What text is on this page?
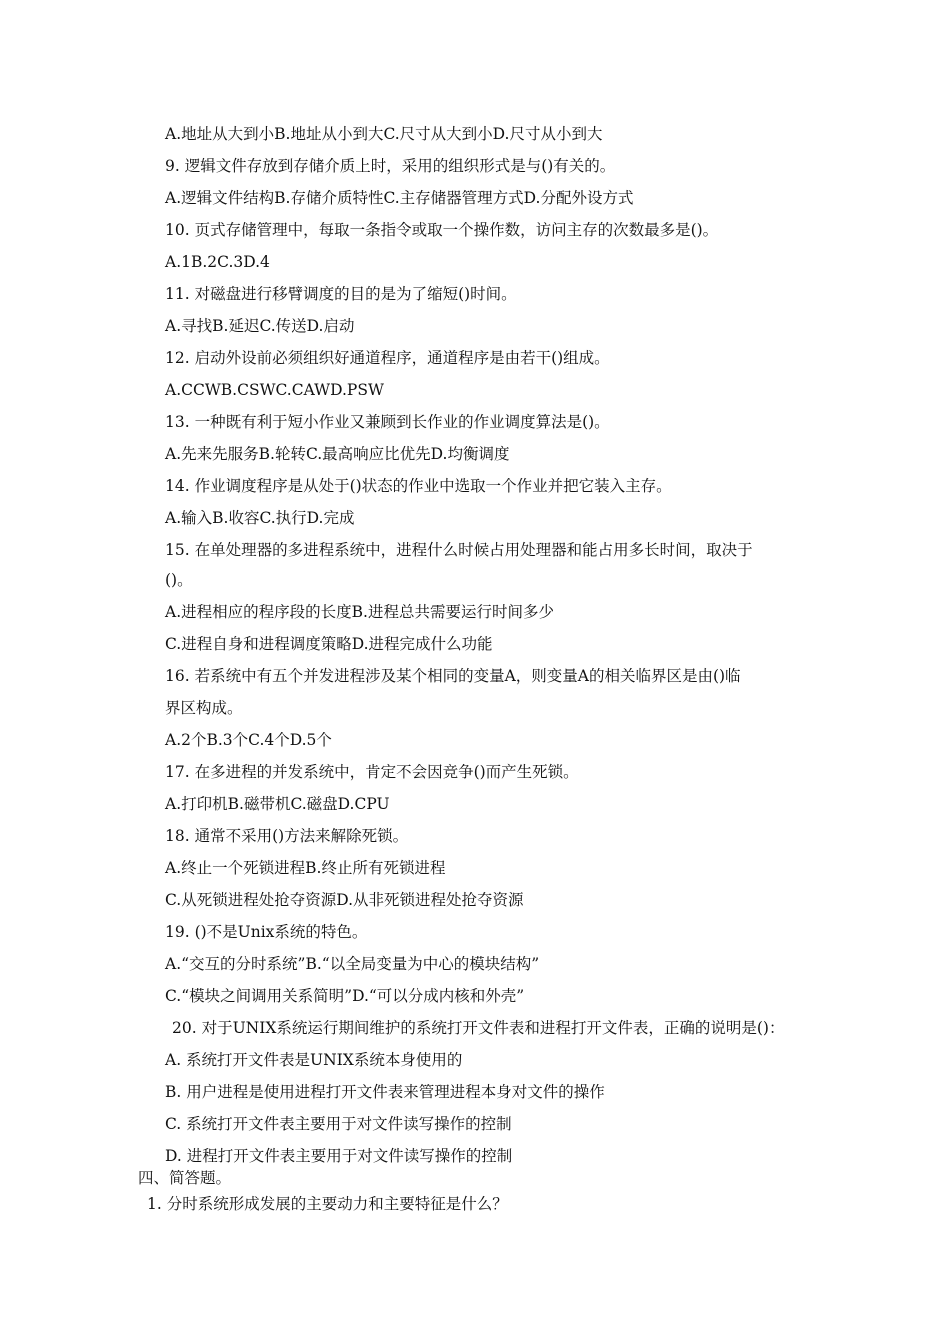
A.地址从大到小B.地址从小到大C.尺寸从大到小D.尺寸从小到大
9. 逻辑文件存放到存储介质上时，采用的组织形式是与()有关的。
A.逻辑文件结构B.存储介质特性C.主存储器管理方式D.分配外设方式
10. 页式存储管理中，每取一条指令或取一个操作数，访问主存的次数最多是()。
A.1B.2C.3D.4
11. 对磁盘进行移臂调度的目的是为了缩短()时间。
A.寻找B.延迟C.传送D.启动
12. 启动外设前必须组织好通道程序，通道程序是由若干()组成。
A.CCWB.CSWC.CAWD.PSW
13. 一种既有利于短小作业又兼顾到长作业的作业调度算法是()。
A.先来先服务B.轮转C.最高响应比优先D.均衡调度
14. 作业调度程序是从处于()状态的作业中选取一个作业并把它装入主存。
A.输入B.收容C.执行D.完成
15. 在单处理器的多进程系统中，进程什么时候占用处理器和能占用多长时间，取决于
()。
A.进程相应的程序段的长度B.进程总共需要运行时间多少
C.进程自身和进程调度策略D.进程完成什么功能
16. 若系统中有五个并发进程涉及某个相同的变量A，则变量A的相关临界区是由()临
界区构成。
A.2个B.3个C.4个D.5个
17. 在多进程的并发系统中，肯定不会因竞争()而产生死锁。
A.打印机B.磁带机C.磁盘D.CPU
18. 通常不采用()方法来解除死锁。
A.终止一个死锁进程B.终止所有死锁进程
C.从死锁进程处抢夺资源D.从非死锁进程处抢夺资源
19. ()不是Unix系统的特色。
A.“交互的分时系统”B.“以全局变量为中心的模块结构”
C.“模块之间调用关系简明”D.“可以分成内核和外壳”
20. 对于UNIX系统运行期间维护的系统打开文件表和进程打开文件表，正确的说明是()：
A. 系统打开文件表是UNIX系统本身使用的
B. 用户进程是使用进程打开文件表来管理进程本身对文件的操作
C. 系统打开文件表主要用于对文件读写操作的控制
D. 进程打开文件表主要用于对文件读写操作的控制
四、简答题。
1. 分时系统形成发展的主要动力和主要特征是什么？
